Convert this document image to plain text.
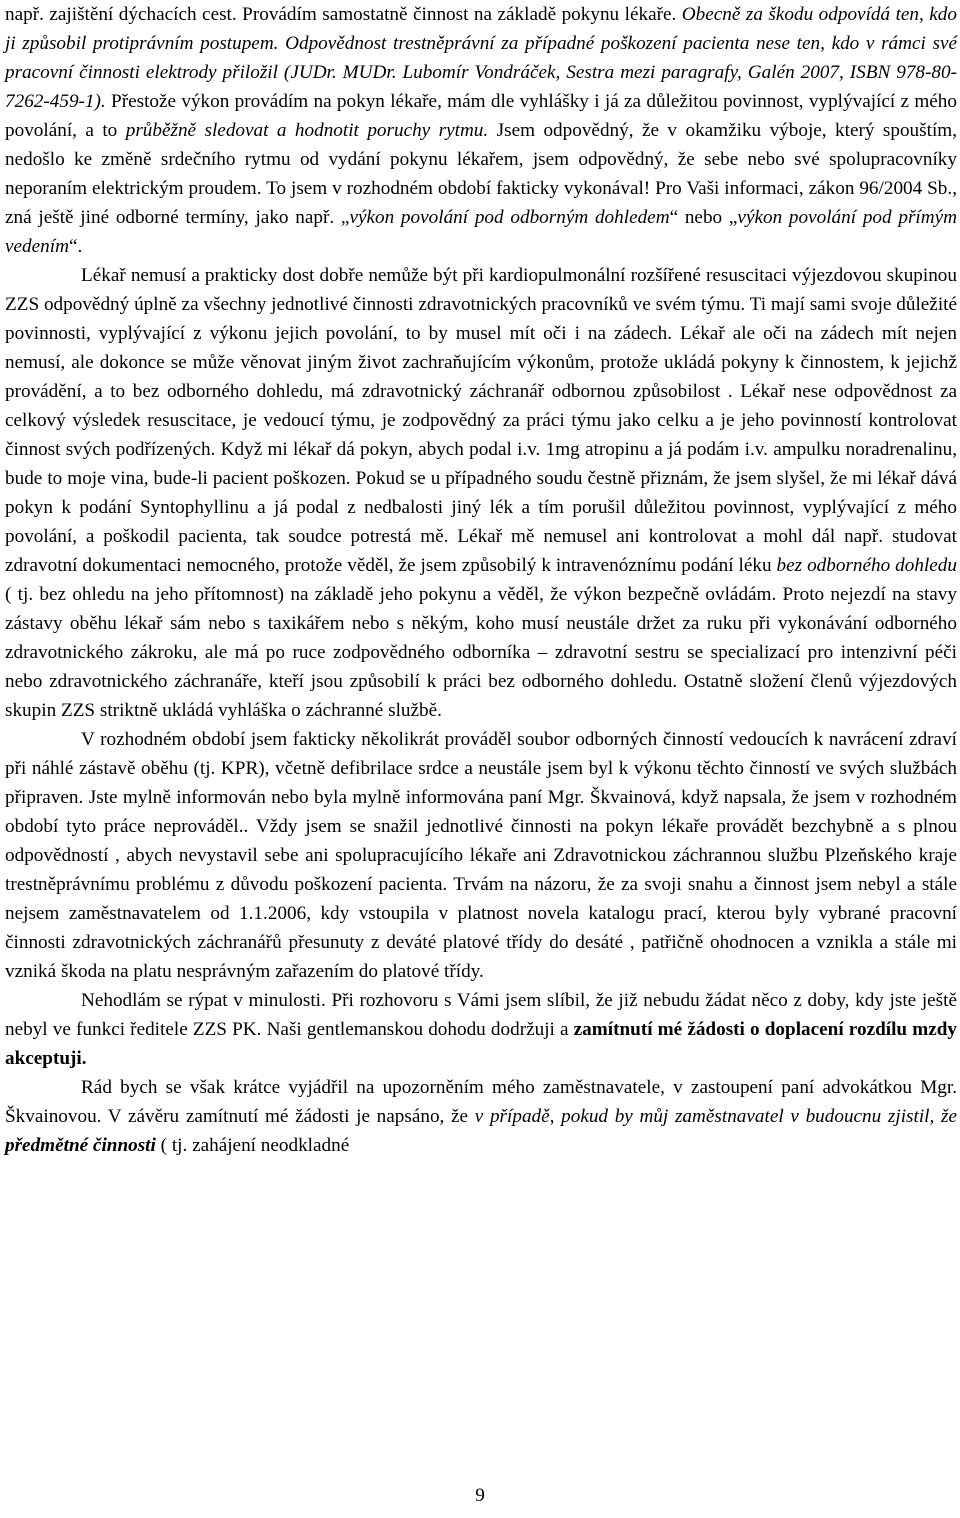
např. zajištění dýchacích cest. Provádím samostatně činnost na základě pokynu lékaře. Obecně za škodu odpovídá ten, kdo ji způsobil protiprávním postupem. Odpovědnost trestněprávní za případné poškození pacienta nese ten, kdo v rámci své pracovní činnosti elektrody přiložil (JUDr. MUDr. Lubomír Vondráček, Sestra mezi paragrafy, Galén 2007, ISBN 978-80-7262-459-1). Přestože výkon provádím na pokyn lékaře, mám dle vyhlášky i já za důležitou povinnost, vyplývající z mého povolání, a to průběžně sledovat a hodnotit poruchy rytmu. Jsem odpovědný, že v okamžiku výboje, který spouštím, nedošlo ke změně srdečního rytmu od vydání pokynu lékařem, jsem odpovědný, že sebe nebo své spolupracovníky neporaním elektrickým proudem. To jsem v rozhodném období fakticky vykonával! Pro Vaši informaci, zákon 96/2004 Sb., zná ještě jiné odborné termíny, jako např. „výkon povolání pod odborným dohledem“ nebo „výkon povolání pod přímým vedením“.

Lékař nemusí a prakticky dost dobře nemůže být při kardiopulmonální rozšířené resuscitaci výjezdovou skupinou ZZS odpovědný úplně za všechny jednotlivé činnosti zdravotnických pracovníků ve svém týmu. Ti mají sami svoje důležité povinnosti, vyplývající z výkonu jejich povolání, to by musel mít oči i na zádech. Lékař ale oči na zádech mít nejen nemusí, ale dokonce se může věnovat jiným život zachraňujícím výkonům, protože ukládá pokyny k činnostem, k jejichž provádění, a to bez odborného dohledu, má zdravotnický záchranář odbornou způsobilost . Lékař nese odpovědnost za celkový výsledek resuscitace, je vedoucí týmu, je zodpovědný za práci týmu jako celku a je jeho povinností kontrolovat činnost svých podřízených. Když mi lékař dá pokyn, abych podal i.v. 1mg atropinu a já podám i.v. ampulku noradrenalinu, bude to moje vina, bude-li pacient poškozen. Pokud se u případného soudu čestně přiznám, že jsem slyšel, že mi lékař dává pokyn k podání Syntophyllinu a já podal z nedbalosti jiný lék a tím porušil důležitou povinnost, vyplývající z mého povolání, a poškodil pacienta, tak soudce potrestá mě. Lékař mě nemusel ani kontrolovat a mohl dál např. studovat zdravotní dokumentaci nemocného, protože věděl, že jsem způsobilý k intravenóznímu podání léku bez odborného dohledu ( tj. bez ohledu na jeho přítomnost) na základě jeho pokynu a věděl, že výkon bezpečně ovládám. Proto nejezdí na stavy zástavy oběhu lékař sám nebo s taxikářem nebo s někým, koho musí neustále držet za ruku při vykonávání odborného zdravotnického zákroku, ale má po ruce zodpovědného odborníka – zdravotní sestru se specializací pro intenzivní péči nebo zdravotnického záchranáře, kteří jsou způsobilí k práci bez odborného dohledu. Ostatně složení členů výjezdových skupin ZZS striktně ukládá vyhláška o záchranné službě.

V rozhodném období jsem fakticky několikrát prováděl soubor odborných činností vedoucích k navrácení zdraví při náhlé zástavě oběhu (tj. KPR), včetně defibrilace srdce a neustále jsem byl k výkonu těchto činností ve svých službách připraven. Jste mylně informován nebo byla mylně informována paní Mgr. Škvainová, když napsala, že jsem v rozhodném období tyto práce neprováděl.. Vždy jsem se snažil jednotlivé činnosti na pokyn lékaře provádět bezchybně a s plnou odpovědností , abych nevystavil sebe ani spolupracujícího lékaře ani Zdravotnickou záchrannou službu Plzeňského kraje trestněprávnímu problému z důvodu poškození pacienta. Trvám na názoru, že za svoji snahu a činnost jsem nebyl a stále nejsem zaměstnavatelem od 1.1.2006, kdy vstoupila v platnost novela katalogu prací, kterou byly vybrané pracovní činnosti zdravotnických záchranářů přesunuty z deváté platové třídy do desáté , patřičně ohodnocen a vznikla a stále mi vzniká škoda na platu nesprávným zařazením do platové třídy.

Nehodlám se rýpat v minulosti. Při rozhovoru s Vámi jsem slíbil, že již nebudu žádat něco z doby, kdy jste ještě nebyl ve funkci ředitele ZZS PK. Naši gentlemanskou dohodu dodržuji a zamítnutí mé žádosti o doplacení rozdílu mzdy akceptuji.

Rád bych se však krátce vyjádřil na upozorněním mého zaměstnavatele, v zastoupení paní advokátkou Mgr. Škvainovou. V závěru zamítnutí mé žádosti je napsáno, že v případě, pokud by můj zaměstnavatel v budoucnu zjistil, že předmětné činnosti ( tj. zahájení neodkladné

9
